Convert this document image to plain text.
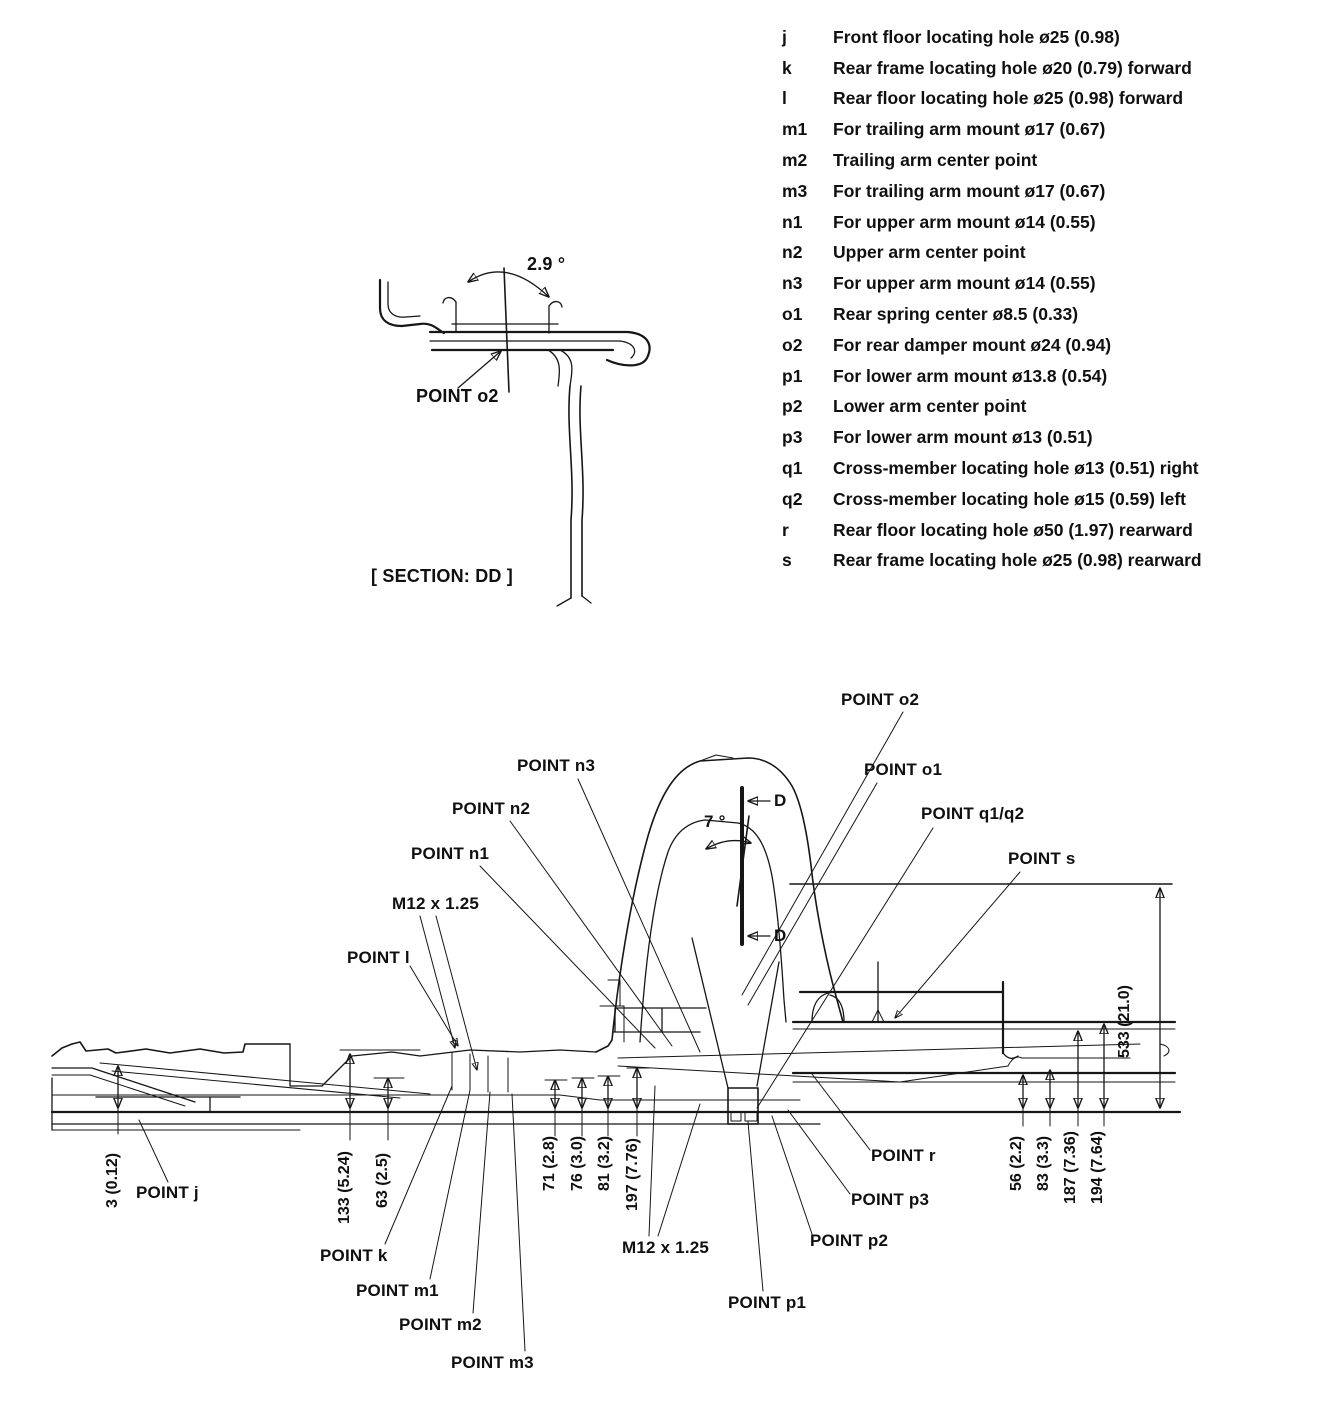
j	Front floor locating hole ø25 (0.98)
k	Rear frame locating hole ø20 (0.79) forward
l	Rear floor locating hole ø25 (0.98) forward
m1	For trailing arm mount ø17 (0.67)
m2	Trailing arm center point
m3	For trailing arm mount ø17 (0.67)
n1	For upper arm mount ø14 (0.55)
n2	Upper arm center point
n3	For upper arm mount ø14 (0.55)
o1	Rear spring center ø8.5 (0.33)
o2	For rear damper mount ø24 (0.94)
p1	For lower arm mount ø13.8 (0.54)
p2	Lower arm center point
p3	For lower arm mount ø13 (0.51)
q1	Cross-member locating hole ø13 (0.51) right
q2	Cross-member locating hole ø15 (0.59) left
r	Rear floor locating hole ø50 (1.97) rearward
s	Rear frame locating hole ø25 (0.98) rearward
2.9 °
POINT o2
[ SECTION: DD ]
POINT o2
POINT n3	POINT o1
POINT n2	POINT q1/q2
POINT n1	POINT s
M12 x 1.25
POINT l
POINT j
POINT k
POINT m1
POINT m2
POINT m3
M12 x 1.25
POINT p1
POINT p2
POINT p3
POINT r
7 °
D
D
3 (0.12)	133 (5.24) 63 (2.5)	71 (2.8) 76 (3.0) 81 (3.2) 197 (7.76)	56 (2.2) 83 (3.3) 187 (7.36) 194 (7.64)
533 (21.0)
